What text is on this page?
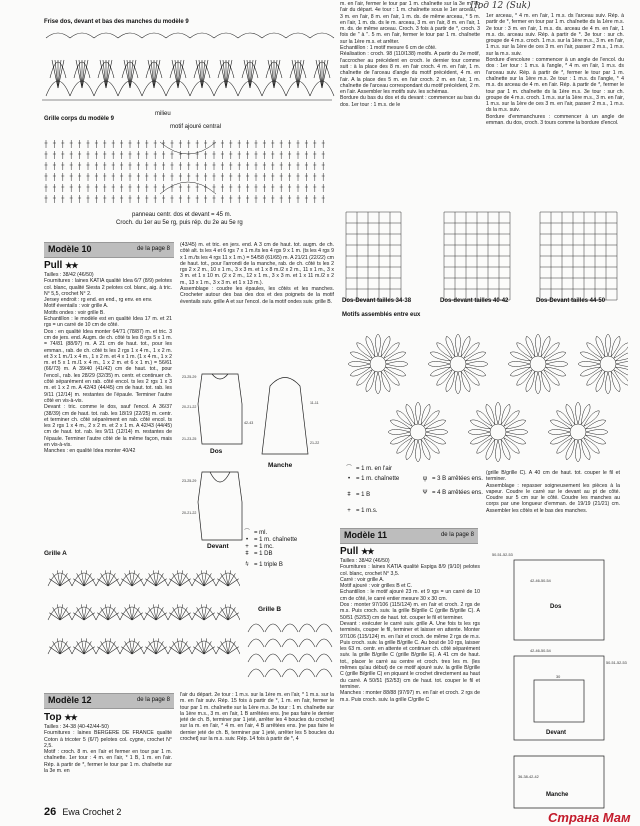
Под 12 (Suk)
Frise dos, devant et bas des manches du modèle 9
milieu
Grille corps du modèle 9
motif ajouré central
panneau centr. dos et devant = 45 m.
Croch. du 1er au 5e rg, puis rép. du 2e au 5e rg
Modèle 10	de la page 8
Pull ★★
Tailles : 38/42 (46/50)
Fournitures : laines KATIA qualité Idea 6/7 (8/9) pelotes col. blanc, qualité Siesta 2 pelotes col. blanc, aig. à tric. N° 5,5, crochet N° 2.
Jersey endroit : rg end. en end., rg env. en env.
Motif éventails : voir grille A.
Motifs ondes : voir grille B.
Echantillon : le modèle est en qualité Idea 17 m. et 21 rgs = un carré de 10 cm de côté.
Dos : en qualité Idea monter 64/71 (78/87) m. et tric. 3 cm de jers. end. Augm. de ch. côté ts les 8 rgs 5 x 1 m. = 74/81 (88/97) m. A 21 cm de haut. tot., pour les emman., rab. de ch. côté ts les 2 rgs 1 x 4 m., 1 x 2 m. et 3 x 1 m./1 x 4 m., 1 x 2 m. et 4 x 1 m. (1 x 4 m., 1 x 2 m. et 5 x 1 m./1 x 4 m., 1 x 2 m. et 6 x 1 m.) = 56/61 (66/73) m. A 39/40 (41/42) cm de haut. tot., pour l'encol., rab. les 28/29 (32/35) m. centr. et continuer ch. côté séparément en rab. côté encol. ts les 2 rgs 1 x 3 m. et 1 x 2 m. A 42/43 (44/45) cm de haut. tot. rab. les 9/11 (12/14) m. restantes de l'épaule. Terminer l'autre côté en vis-à-vis.
Devant : tric. comme le dos, sauf l'encol. A 36/37 (38/39) cm de haut. tot. rab. les 18/19 (22/25) m. centr. et terminer ch. côté séparément en rab. côté encol. ts les 2 rgs 1 x 4 m., 2 x 2 m. et 2 x 1 m. A 42/43 (44/45) cm de haut. tot. rab. les 9/11 (12/14) m. restantes de l'épaule. Terminer l'autre côté de la même façon, mais en vis-à-vis.
Manches : en qualité Idea monter 40/42
(43/45) m. et tric. en jers. end. A 3 cm de haut. tot. augm. de ch. côté alt. ts les 4 et 6 rgs 7 x 1 m./ts les 4 rgs 9 x 1 m. (ts les 4 rgs 9 x 1 m./ts les 4 rgs 11 x 1 m.) = 54/58 (61/65) m. A 21/21 (22/22) cm de haut. tot., pour l'arrondi de la manche, rab. de ch. côté ts les 2 rgs 2 x 2 m., 10 x 1 m., 3 x 3 m. et 1 x 8 m./2 x 2 m., 11 x 1 m., 3 x 3 m. et 1 x 10 m. (2 x 2 m., 12 x 1 m., 3 x 3 m. et 1 x 11 m./2 x 2 m., 13 x 1 m., 3 x 3 m. et 1 x 13 m.).
Assemblage : coudre les épaules, les côtés et les manches. Crocheter autour des bas des dos et des poignets de la motif éventails suiv. grille A et sur l'encol. de la motif ondes suiv. grille B.
23-25-29
20-21-22
21-23-25
42-43
23-25-29
20-21-22
11-11
21-22
Dos
Devant
Manche
⌒ = ml.
• = 1 m. chaînette
+ = 1 mc.
ǂ = 1 DB
⫩ = 1 triple B
Grille A
Grille B
Modèle 12	de la page 8
Top ★★
Tailles : 34-38 (40-42/44-50)
Fournitures : laines BERGERE DE FRANCE qualité Coton à tricoter 5 (6/7) pelotes col. cygne, crochet N° 2,5.
Motif : croch. 8 m. en l'air et fermer en tour par 1 m. chaînette. 1er tour : 4 m. en l'air, * 1 B, 1 m. en l'air. Rép. à partir de *, fermer le tour par 1 m. chaînette sur la 3e m. en
l'air du départ. 2e tour : 1 m.s. sur la 1ère m. en l'air, * 1 m.s. sur la m. en l'air suiv. Rép. 15 fois à partir de *, 1 m. en l'air, fermer le tour par 1 m. chaînette sur la 1ère m.s. 3e tour : 1 m. chaînette sur la 1ère m.s., 3 m. en l'air, 1 B arrêtées ens. [ne pas faire le dernier jeté de ch. B, terminer par 1 jeté, arrêter les 4 boucles du crochet] sur la m. en l'air, * 4 m. en l'air, 4 B arrêtées ens. [ne pas faire le dernier jeté de ch. B, terminer par 1 jeté, arrêter les 5 boucles du crochet] sur la m.s. suiv. Rép. 14 fois à partir de *, 4
m. en l'air, fermer le tour par 1 m. chaînette sur la 3e m. en l'air du départ. 4e tour : 1 m. chaînette sous le 1er arceau, * 3 m. en l'air, 8 m. en l'air, 1 m. ds. de même arceau, * 5 m. en l'air, 1 m. ds. ds le m. arceau, 3 m. en l'air, 8 m. en l'air, 1 m. ds. de même arceau. Croch. 3 fois à partir de *, croch. 3 fois de " à ". 5 m. en l'air, fermer le tour par 1 m. chaînette sur la 1ère m.s. et arrêter.
Echantillon : 1 motif mesure 6 cm de côté.
Réalisation : croch. 98 (110/138) motifs. A partir du 2e motif, l'accrocher au précédent en croch. le dernier tour comme suit : à la place des 8 m. en l'air croch. 4 m. en l'air, 1 m. chaînette de l'arceau d'angle du motif précédent, 4 m. en l'air. A la place des 5 m. en l'air croch. 2 m. en l'air, 1 m. chaînette de l'arceau correspondant du motif précédent, 2 m. en l'air. Assembler les motifs suiv. les schémas.
Bordure du bas du dos et du devant : commencer au bas du dos. 1er tour : 1 m.s. de le
Dos-Devant tailles 34-38	Dos-devant tailles 40-42	Dos-Devant tailles 44-50
Motifs assemblés entre eux
⌒ = 1 m. en l'air
• = 1 m. chaînette
ǂ = 1 B
+ = 1 m.s.
ψ = 3 B arrêtées ens.
Ψ = 4 B arrêtées ens.
1er arceau, * 4 m. en l'air, 1 m.s. ds l'arceau suiv. Rép. à partir de *, fermer en tour par 1 m. chaînette ds la 1ère m.s. 2e tour : 3 m. en l'air, 1 m.s. ds. arceau de 4 m. en l'air, 1 m.s. ds. arceau suiv. Rép. à partir de *. 3e tour : sur ch. groupe de 4 m.s. croch. 1 m.s. sur la 1ère m.s., 3 m. en l'air, 1 m.s. sur la 1ère de ces 3 m. en l'air, passer 2 m.s., 1 m.s. sur la m.s. suiv.
Bordure d'encolure : commencer à un angle de l'encol. du dos : 1er tour : 1 m.s. à l'angle, * 4 m. en l'air, 1 m.s. ds l'arceau suiv. Rép. à partir de *, fermer le tour par 1 m. chaînette sur la 1ère m.s. 2e tour : 1 m.s. ds l'angle, * 4 m.s. ds arceau de 4 m. en l'air. Rép. à partir de *, fermer le tour par 1 m. chaînette ds la 1ère m.s. 3e tour : sur ch. groupe de 4 m.s. croch. 1 m.s. sur la 1ère m.s., 3 m. en l'air, 1 m.s. sur la 1ère de ces 3 m. en l'air, passer 2 m.s., 1 m.s. ds la m.s. suiv.
Bordure d'emmanchures : commencer à un angle de emman. du dos, croch. 3 tours comme la bordure d'encol.
Modèle 11	de la page 8
Pull ★★
Tailles : 38/42 (46/50)
Fournitures : laines KATIA qualité Espiga 8/9 (9/10) pelotes col. blanc, crochet N° 3,5.
Carré : voir grille A.
Motif ajouré : voir grilles B et C.
Echantillon : le motif ajouré 23 m. et 9 rgs = un carré de 10 cm de côté, le carré entier mesure 30 x 30 cm.
Dos : monter 97/106 (115/124) m. en l'air et croch. 2 rgs de m.s. Puis croch. suiv. la grille B/grille C (grille B/grille C). A 50/51 (52/53) cm de haut. tot. couper le fil et terminer.
Devant : exécuter le carré suiv. grille A. Une fois ts les rgs terminés, couper le fil, terminer et laisser en attente. Monter 97/106 (115/124) m. en l'air et croch. de même 2 rgs de m.s. Puis croch. suiv. la grille B/grille C. Au bout de 10 rgs, laisser les 63 m. centr. en attente et continuer ch. côté séparément suiv. la grille B/grille C (grille B/grille E). A 41 cm de haut. tot., placer le carré au centre et croch. tres les m. (les mêmes qu'au début) de ce motif ajouré suiv. la grille B/grille C (grille B/grille C) en piquant le crochet directement au haut du carré. A 50/51 (52/53) cm de haut. tot. couper le fil et terminer.
Manches : monter 88/88 (97/97) m. en l'air et croch. 2 rgs de m.s. Puis croch. suiv. la grille C/grille C
(grille B/grille C). A 40 cm de haut. tot. couper le fil et terminer.
Assemblage : repasser soigneusement les pièces à la vapeur. Coudre le carré sur le devant au pt de côté. Coudre sur 5 cm sur le côté. Coudre les manches au corps par une longueur d'emman. de 19/19 (21/21) cm. Assembler les côtés et le bas des manches.
50-51-52-53
42-46-50-54
42-46-50-54
50-51-52-53
30
36-38-42-42
Dos
Devant
Manche
26 Ewa Crochet 2	Страна Мам
